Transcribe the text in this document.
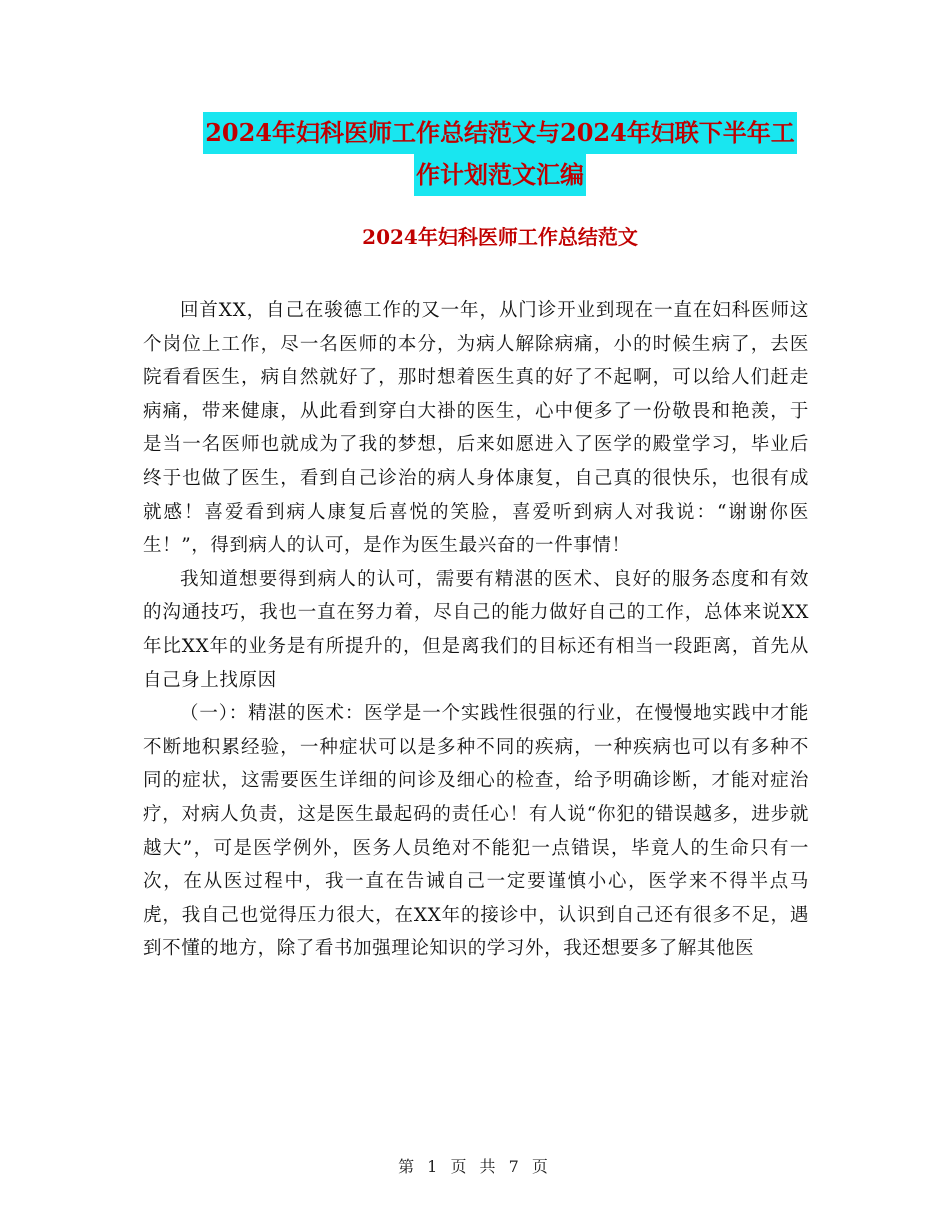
2024年妇科医师工作总结范文与2024年妇联下半年工
作计划范文汇编
2024年妇科医师工作总结范文

回首XX，自己在骏德工作的又一年，从门诊开业到现在一直在妇科医师这个岗位上工作，尽一名医师的本分，为病人解除病痛，小的时候生病了，去医院看看医生，病自然就好了，那时想着医生真的好了不起啊，可以给人们赶走病痛，带来健康，从此看到穿白大褂的医生，心中便多了一份敬畏和艳羡，于是当一名医师也就成为了我的梦想，后来如愿进入了医学的殿堂学习，毕业后终于也做了医生，看到自己诊治的病人身体康复，自己真的很快乐，也很有成就感！喜爱看到病人康复后喜悦的笑脸，喜爱听到病人对我说：“谢谢你医生！”，得到病人的认可，是作为医生最兴奋的一件事情！

我知道想要得到病人的认可，需要有精湛的医术、良好的服务态度和有效的沟通技巧，我也一直在努力着，尽自己的能力做好自己的工作，总体来说XX年比XX年的业务是有所提升的，但是离我们的目标还有相当一段距离，首先从自己身上找原因

（一）：精湛的医术：医学是一个实践性很强的行业，在慢慢地实践中才能不断地积累经验，一种症状可以是多种不同的疾病，一种疾病也可以有多种不同的症状，这需要医生详细的问诊及细心的检查，给予明确诊断，才能对症治疗，对病人负责，这是医生最起码的责任心！有人说“你犯的错误越多，进步就越大”，可是医学例外，医务人员绝对不能犯一点错误，毕竟人的生命只有一次，在从医过程中，我一直在告诫自己一定要谨慎小心，医学来不得半点马虎，我自己也觉得压力很大，在XX年的接诊中，认识到自己还有很多不足，遇到不懂的地方，除了看书加强理论知识的学习外，我还想要多了解其他医

第 1 页 共 7 页
